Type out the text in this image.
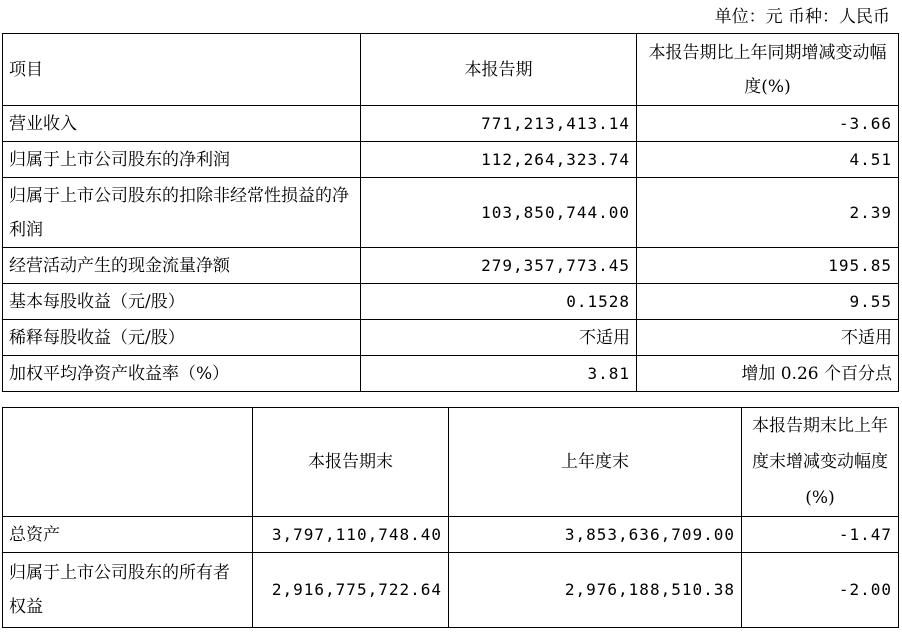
单位：元 币种：人民币
项目	本报告期	本报告期比上年同期增减变动幅度(%)
营业收入	771,213,413.14	-3.66
归属于上市公司股东的净利润	112,264,323.74	4.51
归属于上市公司股东的扣除非经常性损益的净利润	103,850,744.00	2.39
经营活动产生的现金流量净额	279,357,773.45	195.85
基本每股收益（元/股）	0.1528	9.55
稀释每股收益（元/股）	不适用	不适用
加权平均净资产收益率（%）	3.81	增加 0.26 个百分点
	本报告期末	上年度末	本报告期末比上年度末增减变动幅度(%)
总资产	3,797,110,748.40	3,853,636,709.00	-1.47
归属于上市公司股东的所有者权益	2,916,775,722.64	2,976,188,510.38	-2.00
